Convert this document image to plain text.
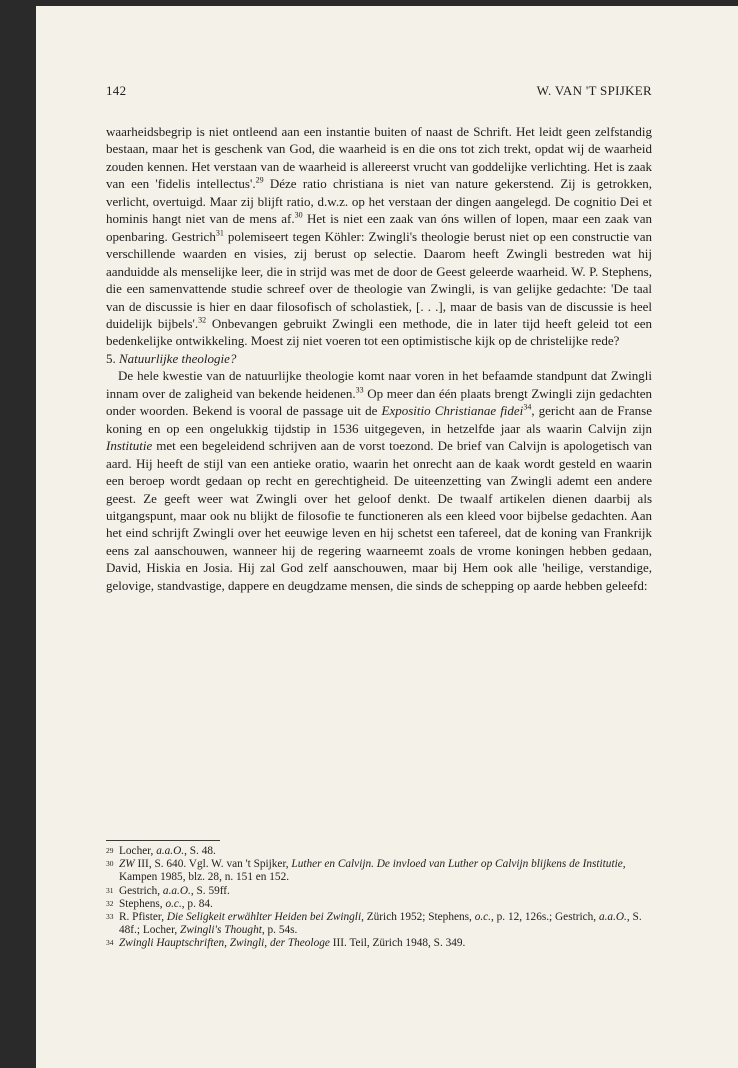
142	W. VAN 'T SPIJKER

waarheidsbegrip is niet ontleend aan een instantie buiten of naast de Schrift. Het leidt geen zelfstandig bestaan, maar het is geschenk van God, die waarheid is en die ons tot zich trekt, opdat wij de waarheid zouden kennen. Het verstaan van de waarheid is allereerst vrucht van goddelijke verlichting. Het is zaak van een 'fidelis intellectus'.$^{29}$ Déze ratio christiana is niet van nature gekerstend. Zij is getrokken, verlicht, overtuigd. Maar zij blijft ratio, d.w.z. op het verstaan der dingen aangelegd. De cognitio Dei et hominis hangt niet van de mens af.$^{30}$ Het is niet een zaak van óns willen of lopen, maar een zaak van openbaring. Gestrich$^{31}$ polemiseert tegen Köhler: Zwingli's theologie berust niet op een constructie van verschillende waarden en visies, zij berust op selectie. Daarom heeft Zwingli bestreden wat hij aanduidde als menselijke leer, die in strijd was met de door de Geest geleerde waarheid. W. P. Stephens, die een samenvattende studie schreef over de theologie van Zwingli, is van gelijke gedachte: 'De taal van de discussie is hier en daar filosofisch of scholastiek, [. . .], maar de basis van de discussie is heel duidelijk bijbels'.$^{32}$ Onbevangen gebruikt Zwingli een methode, die in later tijd heeft geleid tot een bedenkelijke ontwikkeling. Moest zij niet voeren tot een optimistische kijk op de christelijke rede?

5. Natuurlijke theologie?

De hele kwestie van de natuurlijke theologie komt naar voren in het befaamde standpunt dat Zwingli innam over de zaligheid van bekende heidenen.$^{33}$ Op meer dan één plaats brengt Zwingli zijn gedachten onder woorden. Bekend is vooral de passage uit de Expositio Christianae fidei$^{34}$, gericht aan de Franse koning en op een ongelukkig tijdstip in 1536 uitgegeven, in hetzelfde jaar als waarin Calvijn zijn Institutie met een begeleidend schrijven aan de vorst toezond. De brief van Calvijn is apologetisch van aard. Hij heeft de stijl van een antieke oratio, waarin het onrecht aan de kaak wordt gesteld en waarin een beroep wordt gedaan op recht en gerechtigheid. De uiteenzetting van Zwingli ademt een andere geest. Ze geeft weer wat Zwingli over het geloof denkt. De twaalf artikelen dienen daarbij als uitgangspunt, maar ook nu blijkt de filosofie te functioneren als een kleed voor bijbelse gedachten. Aan het eind schrijft Zwingli over het eeuwige leven en hij schetst een tafereel, dat de koning van Frankrijk eens zal aanschouwen, wanneer hij de regering waarneemt zoals de vrome koningen hebben gedaan, David, Hiskia en Josia. Hij zal God zelf aanschouwen, maar bij Hem ook alle 'heilige, verstandige, gelovige, standvastige, dappere en deugdzame mensen, die sinds de schepping op aarde hebben geleefd:

29 Locher, a.a.O., S. 48.
30 ZW III, S. 640. Vgl. W. van 't Spijker, Luther en Calvijn. De invloed van Luther op Calvijn blijkens de Institutie, Kampen 1985, blz. 28, n. 151 en 152.
31 Gestrich, a.a.O., S. 59ff.
32 Stephens, o.c., p. 84.
33 R. Pfister, Die Seligkeit erwählter Heiden bei Zwingli, Zürich 1952; Stephens, o.c., p. 12, 126s.; Gestrich, a.a.O., S. 48f.; Locher, Zwingli's Thought, p. 54s.
34 Zwingli Hauptschriften, Zwingli, der Theologe III. Teil, Zürich 1948, S. 349.
